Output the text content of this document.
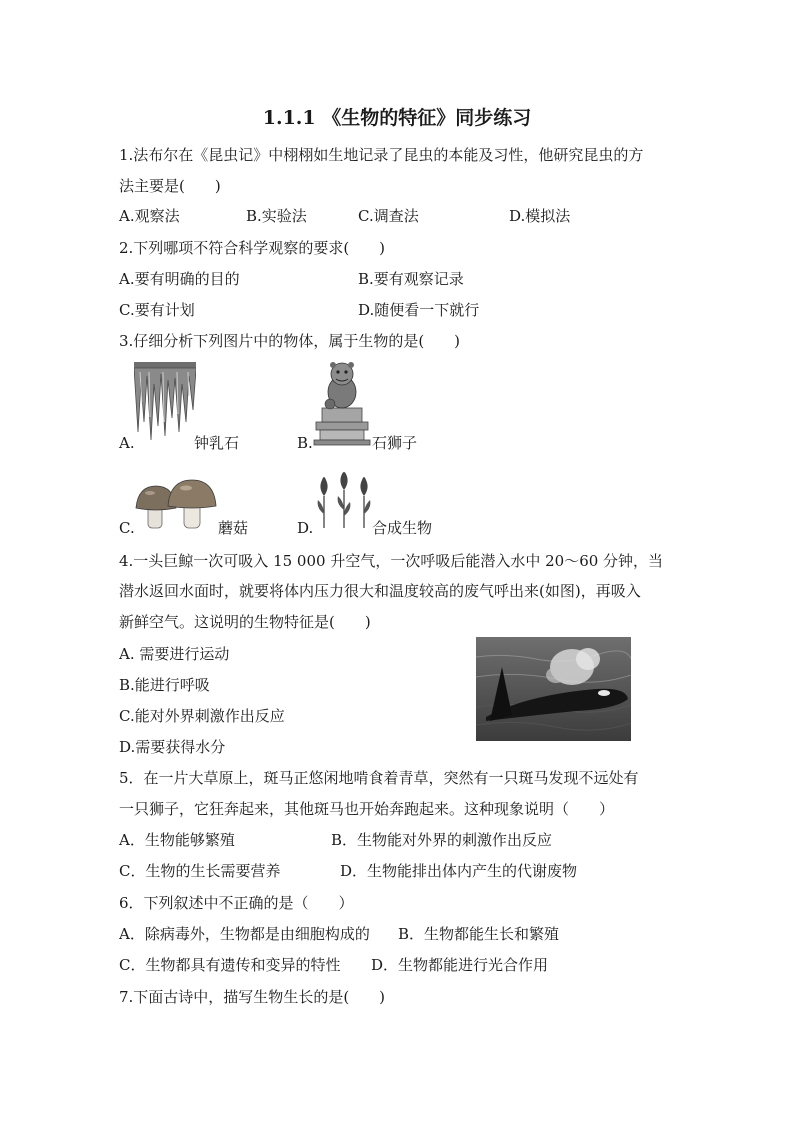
1.1.1 《生物的特征》同步练习
1.法布尔在《昆虫记》中栩栩如生地记录了昆虫的本能及习性，他研究昆虫的方
法主要是(　　)
A.观察法	B.实验法	C.调查法	D.模拟法
2.下列哪项不符合科学观察的要求(　　)
A.要有明确的目的	B.要有观察记录
C.要有计划	D.随便看一下就行
3.仔细分析下列图片中的物体，属于生物的是(　　)
A.	钟乳石	B.	石狮子
C.	蘑菇	D.	合成生物
4.一头巨鲸一次可吸入 15 000 升空气，一次呼吸后能潜入水中 20～60 分钟，当
潜水返回水面时，就要将体内压力很大和温度较高的废气呼出来(如图)，再吸入
新鲜空气。这说明的生物特征是(　　)
A. 需要进行运动
B.能进行呼吸
C.能对外界刺激作出反应
D.需要获得水分
5．在一片大草原上，斑马正悠闲地啃食着青草，突然有一只斑马发现不远处有
一只狮子，它狂奔起来，其他斑马也开始奔跑起来。这种现象说明（　　）
A．生物能够繁殖	B．生物能对外界的刺激作出反应
C．生物的生长需要营养	D．生物能排出体内产生的代谢废物
6．下列叙述中不正确的是（　　）
A．除病毒外，生物都是由细胞构成的 B．生物都能生长和繁殖
C．生物都具有遗传和变异的特性 D．生物都能进行光合作用
7.下面古诗中，描写生物生长的是(　　)
